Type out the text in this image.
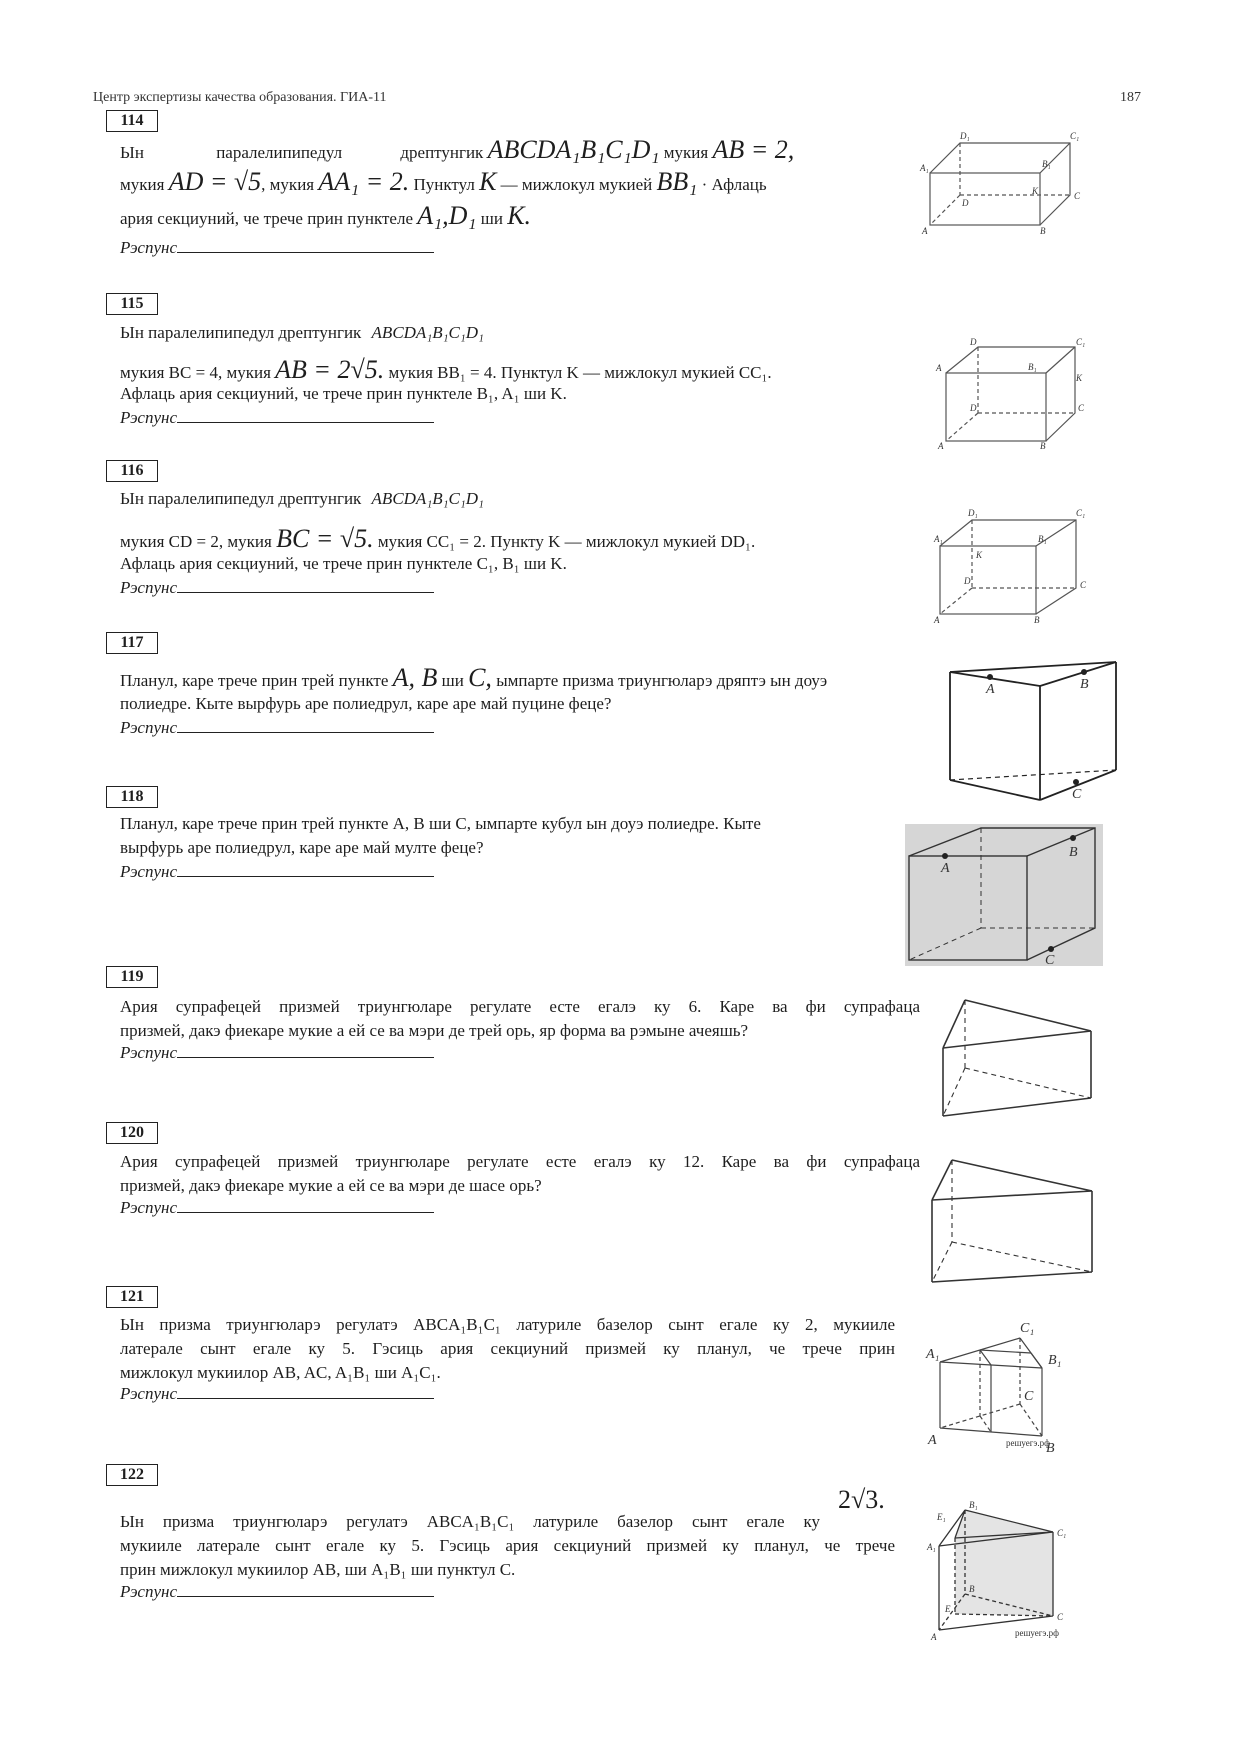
Центр экспертизы качества образования. ГИА-11	187
114
Ын	паралелипипедул	дрептунгик ABCDA₁B₁C₁D₁ мукия AB = 2,
мукия AD = √5, мукия AA₁ = 2. Пунктул K — мижлокул мукией BB₁ · Афлаць
ария секциуний, че трече прин пунктеле A₁,D₁ ши K.
Рэспунс
115
Ын паралелипипедул дрептунгик ABCDA₁B₁C₁D₁
мукия BC = 4, мукия AB = 2√5. мукия BB₁ = 4. Пунктул K — мижлокул мукией CC₁.
Афлаць ария секциуний, че трече прин пунктеле B₁, A₁ ши K.
Рэспунс
116
Ын паралелипипедул дрептунгик ABCDA₁B₁C₁D₁
мукия CD = 2, мукия BC = √5. мукия CC₁ = 2. Пункту K — мижлокул мукией DD₁.
Афлаць ария секциуний, че трече прин пунктеле C₁, B₁ ши K.
Рэспунс
117
Планул, каре трече прин трей пункте A, B ши C, ымпарте призма триунгюларэ дряптэ ын доуэ
полиедре. Кыте вырфурь аре полиедрул, каре аре май пуцине феце?
Рэспунс
118
Планул, каре трече прин трей пункте A, B ши C, ымпарте кубул ын доуэ полиедре. Кыте
вырфурь аре полиедрул, каре аре май мулте феце?
Рэспунс
119
Ария супрафецей призмей триунгюларе регулате есте егалэ ку 6. Каре ва фи супрафаца
призмей, дакэ фиекаре мукие а ей се ва мэри де трей орь, яр форма ва рэмыне ачеяшь?
Рэспунс
120
Ария супрафецей призмей триунгюларе регулате есте егалэ ку 12. Каре ва фи супрафаца
призмей, дакэ фиекаре мукие а ей се ва мэри де шасе орь?
Рэспунс
121
Ын призма триунгюларэ регулатэ ABCA₁B₁C₁ латуриле базелор сынт егале ку 2, мукииле
латерале сынт егале ку 5. Гэсиць ария секциуний призмей ку планул, че трече прин
мижлокул мукиилор AB, AC, A₁B₁ ши A₁C₁.
Рэспунс
122
Ын призма триунгюларэ регулатэ ABCA₁B₁C₁ латуриле базелор сынт егале ку
2√3.
мукииле латерале сынт егале ку 5. Гэсиць ария секциуний призмей ку планул, че трече
прин мижлокул мукиилор AB, ши A₁B₁ ши пунктул C.
Рэспунс
D₁	C₁
A₁	B₁
D
K	C
A	B
D	C₁
A	B₁
K
D	C
A	B
D₁	C₁
A₁	B₁
K
D	C
A	B
A	B
C
A
B
C
C₁
A₁	B₁
C
A
B
решуегэ.рф
B₁
E₁
C₁
A₁
B
E
C
A	решуегэ.рф
